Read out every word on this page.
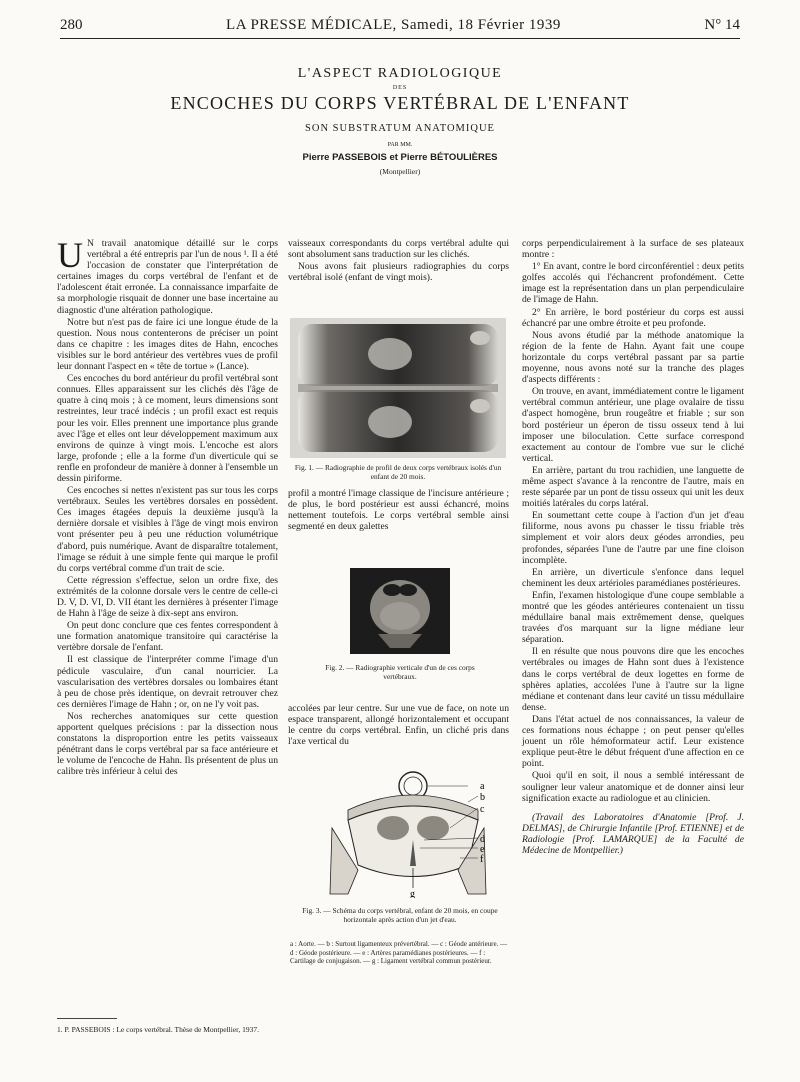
280	LA PRESSE MÉDICALE, Samedi, 18 Février 1939	N° 14
L'ASPECT RADIOLOGIQUE
DES
ENCOCHES DU CORPS VERTÉBRAL DE L'ENFANT
SON SUBSTRATUM ANATOMIQUE
PAR MM.
Pierre PASSEBOIS et Pierre BÉTOULIÈRES
(Montpellier)

U N travail anatomique détaillé sur le corps vertébral a été entrepris par l'un de nous ¹. Il a été l'occasion de constater que l'interprétation de certaines images du corps vertébral de l'enfant et de l'adolescent était erronée. La connaissance imparfaite de sa morphologie risquait de donner une base incertaine au diagnostic d'une altération pathologique.

Notre but n'est pas de faire ici une longue étude de la question. Nous nous contenterons de préciser un point dans ce chapitre : les images dites de Hahn, encoches visibles sur le bord antérieur des vertèbres vues de profil leur donnant l'aspect en « tête de tortue » (Lance).

Ces encoches du bord antérieur du profil vertébral sont connues. Elles apparaissent sur les clichés dès l'âge de quatre à cinq mois ; à ce moment, leurs dimensions sont restreintes, leur tracé indécis ; un profil exact est requis pour les voir. Elles prennent une importance plus grande avec l'âge et elles ont leur développement maximum aux environs de quinze à vingt mois. L'encoche est alors large, profonde ; elle a la forme d'un diverticule qui se renfle en profondeur de manière à donner à l'ensemble un dessin piriforme.

Ces encoches si nettes n'existent pas sur tous les corps vertébraux. Seules les vertèbres dorsales en possèdent. Ces images étagées depuis la deuxième jusqu'à la dernière dorsale et visibles à l'âge de vingt mois environ vont présenter peu à peu une réduction volumétrique d'abord, puis numérique. Avant de disparaître totalement, l'image se réduit à une simple fente qui marque le profil du corps vertébral comme d'un trait de scie.

Cette régression s'effectue, selon un ordre fixe, des extrémités de la colonne dorsale vers le centre de celle-ci D. V, D. VI, D. VII étant les dernières à présenter l'image de Hahn à l'âge de seize à dix-sept ans environ.

On peut donc conclure que ces fentes correspondent à une formation anatomique transitoire qui caractérise la vertèbre dorsale de l'enfant.

Il est classique de l'interpréter comme l'image d'un pédicule vasculaire, d'un canal nourricier. La vascularisation des vertèbres dorsales ou lombaires étant à peu de chose près identique, on devrait retrouver chez ces dernières l'image de Hahn ; or, on ne l'y voit pas.

Nos recherches anatomiques sur cette question apportent quelques précisions : par la dissection nous constatons la disproportion entre les petits vaisseaux pénétrant dans le corps vertébral par sa face antérieure et le volume de l'encoche de Hahn. Ils présentent de plus un calibre très inférieur à celui des

1. P. PASSEBOIS : Le corps vertébral. Thèse de Montpellier, 1937.

vaisseaux correspondants du corps vertébral adulte qui sont absolument sans traduction sur les clichés.

Nous avons fait plusieurs radiographies du corps vertébral isolé (enfant de vingt mois).

Fig. 1. — Radiographie de profil de deux corps vertébraux isolés d'un enfant de 20 mois.

profil a montré l'image classique de l'incisure antérieure ; de plus, le bord postérieur est aussi échancré, moins nettement toutefois. Le corps vertébral semble ainsi segmenté en deux galettes

Fig. 2. — Radiographie verticale d'un de ces corps vertébraux.

accolées par leur centre. Sur une vue de face, on note un espace transparent, allongé horizontalement et occupant le centre du corps vertébral. Enfin, un cliché pris dans l'axe vertical du

a
b
c
d
e
f
g
Fig. 3. — Schéma du corps vertébral, enfant de 20 mois, en coupe horizontale après action d'un jet d'eau.
a : Aorte. — b : Surtout ligamenteux prévertébral. — c : Géode antérieure. — d : Géode postérieure. — e : Artères paramédianes postérieures. — f : Cartilage de conjugaison. — g : Ligament vertébral commun postérieur.

corps perpendiculairement à la surface de ses plateaux montre :

1° En avant, contre le bord circonférentiel : deux petits golfes accolés qui l'échancrent profondément. Cette image est la représentation dans un plan perpendiculaire de l'image de Hahn.

2° En arrière, le bord postérieur du corps est aussi échancré par une ombre étroite et peu profonde.

Nous avons étudié par la méthode anatomique la région de la fente de Hahn. Ayant fait une coupe horizontale du corps vertébral passant par sa partie moyenne, nous avons noté sur la tranche des plages d'aspects différents :

On trouve, en avant, immédiatement contre le ligament vertébral commun antérieur, une plage ovalaire de tissu d'aspect homogène, brun rougeâtre et friable ; sur son bord postérieur un éperon de tissu osseux tend à lui imposer une biloculation. Cette surface correspond exactement au contour de l'ombre vue sur le cliché vertical.

En arrière, partant du trou rachidien, une languette de même aspect s'avance à la rencontre de l'autre, mais en reste séparée par un pont de tissu osseux qui unit les deux moitiés latérales du corps latéral.

En soumettant cette coupe à l'action d'un jet d'eau filiforme, nous avons pu chasser le tissu friable très simplement et voir alors deux géodes arrondies, peu profondes, séparées l'une de l'autre par une fine cloison incomplète.

En arrière, un diverticule s'enfonce dans lequel cheminent les deux artérioles paramédianes postérieures.

Enfin, l'examen histologique d'une coupe semblable a montré que les géodes antérieures contenaient un tissu médullaire banal mais extrêmement dense, quelques travées d'os marquant sur la ligne médiane leur séparation.

Il en résulte que nous pouvons dire que les encoches vertébrales ou images de Hahn sont dues à l'existence dans le corps vertébral de deux logettes en forme de sphères aplaties, accolées l'une à l'autre sur la ligne médiane et contenant dans leur cavité un tissu médullaire dense.

Dans l'état actuel de nos connaissances, la valeur de ces formations nous échappe ; on peut penser qu'elles jouent un rôle hémoformateur actif. Leur existence explique peut-être le début fréquent d'une affection en ce point.

Quoi qu'il en soit, il nous a semblé intéressant de souligner leur valeur anatomique et de donner ainsi leur signification exacte au radiologue et au clinicien.

(Travail des Laboratoires d'Anatomie [Prof. J. DELMAS], de Chirurgie Infantile [Prof. ETIENNE] et de Radiologie [Prof. LAMARQUE] de la Faculté de Médecine de Montpellier.)
